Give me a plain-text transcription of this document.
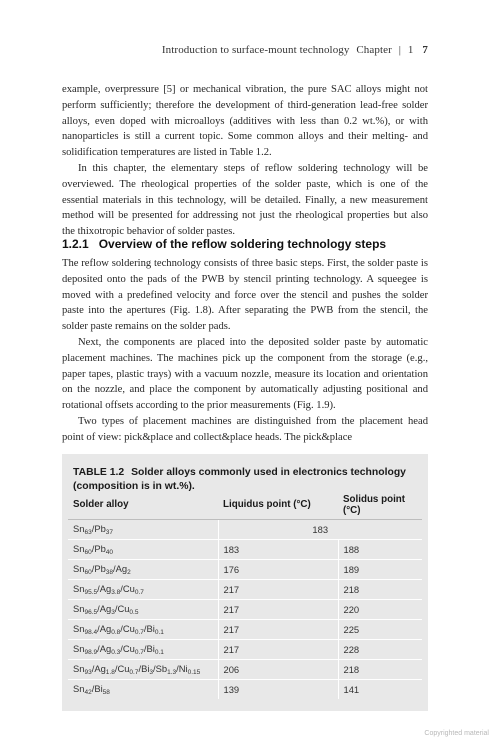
Introduction to surface-mount technology Chapter | 1 7

example, overpressure [5] or mechanical vibration, the pure SAC alloys might not perform sufficiently; therefore the development of third-generation lead-free solder alloys, even doped with microalloys (additives with less than 0.2 wt.%), or with nanoparticles is still a current topic. Some common alloys and their melting- and solidification temperatures are listed in Table 1.2.

In this chapter, the elementary steps of reflow soldering technology will be overviewed. The rheological properties of the solder paste, which is one of the essential materials in this technology, will be detailed. Finally, a new measurement method will be presented for addressing not just the rheological properties but also the thixotropic behavior of solder pastes.

1.2.1 Overview of the reflow soldering technology steps

The reflow soldering technology consists of three basic steps. First, the solder paste is deposited onto the pads of the PWB by stencil printing technology. A squeegee is moved with a predefined velocity and force over the stencil and pushes the solder paste into the apertures (Fig. 1.8). After separating the PWB from the stencil, the solder paste remains on the solder pads.

Next, the components are placed into the deposited solder paste by automatic placement machines. The machines pick up the component from the storage (e.g., paper tapes, plastic trays) with a vacuum nozzle, measure its location and orientation on the nozzle, and place the component by automatically adjusting positional and rotational offsets according to the prior measurements (Fig. 1.9).

Two types of placement machines are distinguished from the placement head point of view: pick&place and collect&place heads. The pick&place

TABLE 1.2 Solder alloys commonly used in electronics technology (composition is in wt.%).
Solder alloy	Liquidus point (°C)	Solidus point (°C)
$Sn_{63}/Pb_{37}$	183	
$Sn_{60}/Pb_{40}$	183	188
$Sn_{60}/Pb_{38}/Ag_2$	176	189
$Sn_{95.5}/Ag_{3.8}/Cu_{0.7}$	217	218
$Sn_{96.5}/Ag_3/Cu_{0.5}$	217	220
$Sn_{98.4}/Ag_{0.8}/Cu_{0.7}/Bi_{0.1}$	217	225
$Sn_{98.9}/Ag_{0.3}/Cu_{0.7}/Bi_{0.1}$	217	228
$Sn_{93}/Ag_{1.8}/Cu_{0.7}/Bi_3/Sb_{1.3}/Ni_{0.15}$	206	218
$Sn_{42}/Bi_{58}$	139	141
Copyrighted material
